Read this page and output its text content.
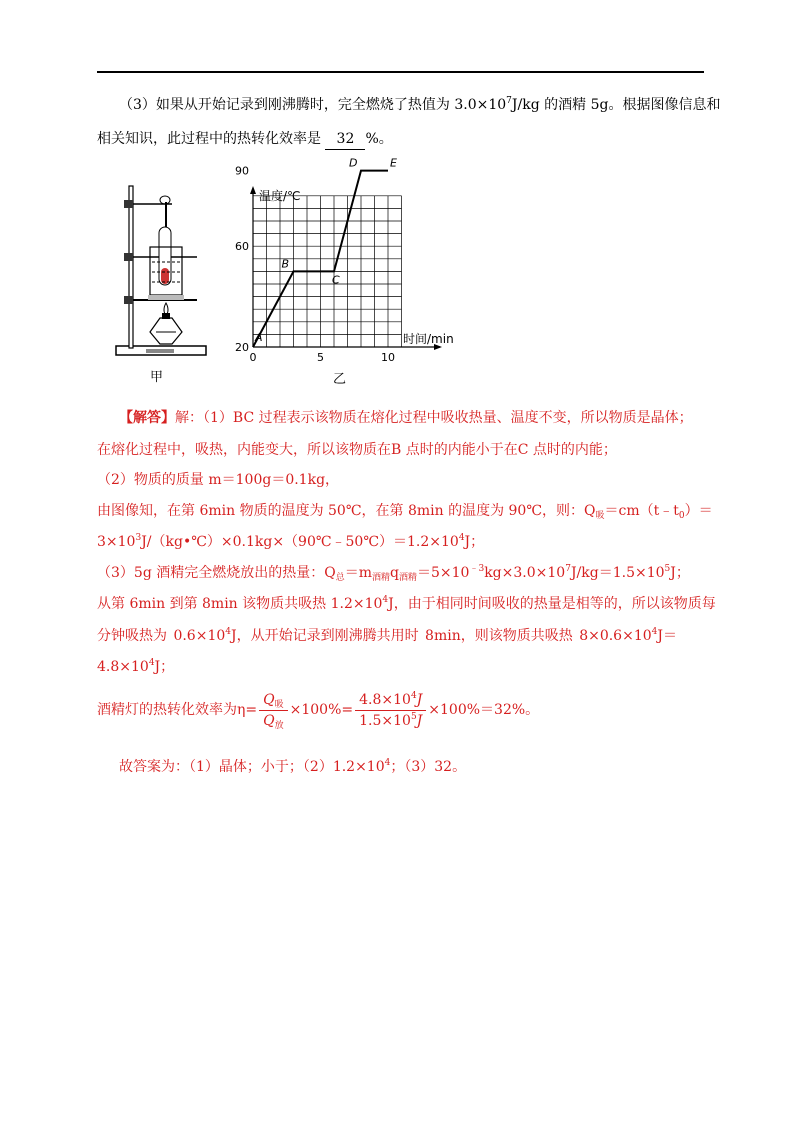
（3）如果从开始记录到刚沸腾时，完全燃烧了热值为 $3.0\times 10^7J/kg$ 的酒精 5g。根据图像信息和
相关知识，此过程中的热转化效率是 32 %。
甲
温度/℃
时间/min
20
60
90
0	5	10
A
B
C
D	E
乙
【解答】解：（1）BC 过程表示该物质在熔化过程中吸收热量、温度不变，所以物质是晶体；
在熔化过程中，吸热，内能变大，所以该物质在B 点时的内能小于在C 点时的内能；
（2）物质的质量 m＝100g＝0.1kg，
由图像知，在第 6min 物质的温度为 50℃，在第 8min 的温度为 90℃，则：$Q_吸=cm(t﹣t_0)=$
$3\times 10^3J/(kg•℃)\times 0.1kg\times(90℃﹣50℃)=1.2\times 10^4J$；
（3）5g 酒精完全燃烧放出的热量：$Q_总=m_{酒精}q_{酒精}=5\times 10^{﹣3}kg\times 3.0\times 10^7J/kg=1.5\times 10^5J$；
从第 6min 到第 8min 该物质共吸热 $1.2\times 10^4J$，由于相同时间吸收的热量是相等的，所以该物质每
分钟吸热为 $0.6\times 10^4J$，从开始记录到刚沸腾共用时 8min，则该物质共吸热 $8\times 0.6\times 10^4J=$
$4.8\times 10^4J$；
酒精灯的热转化效率为$\eta= \frac{Q_吸}{Q_放} \times 100\%= \frac{4.8\times 10^4J}{1.5\times 10^5J} \times 100\%=32\%$。
故答案为：（1）晶体；小于；$(2)1.2\times 10^4$；（3）32。
